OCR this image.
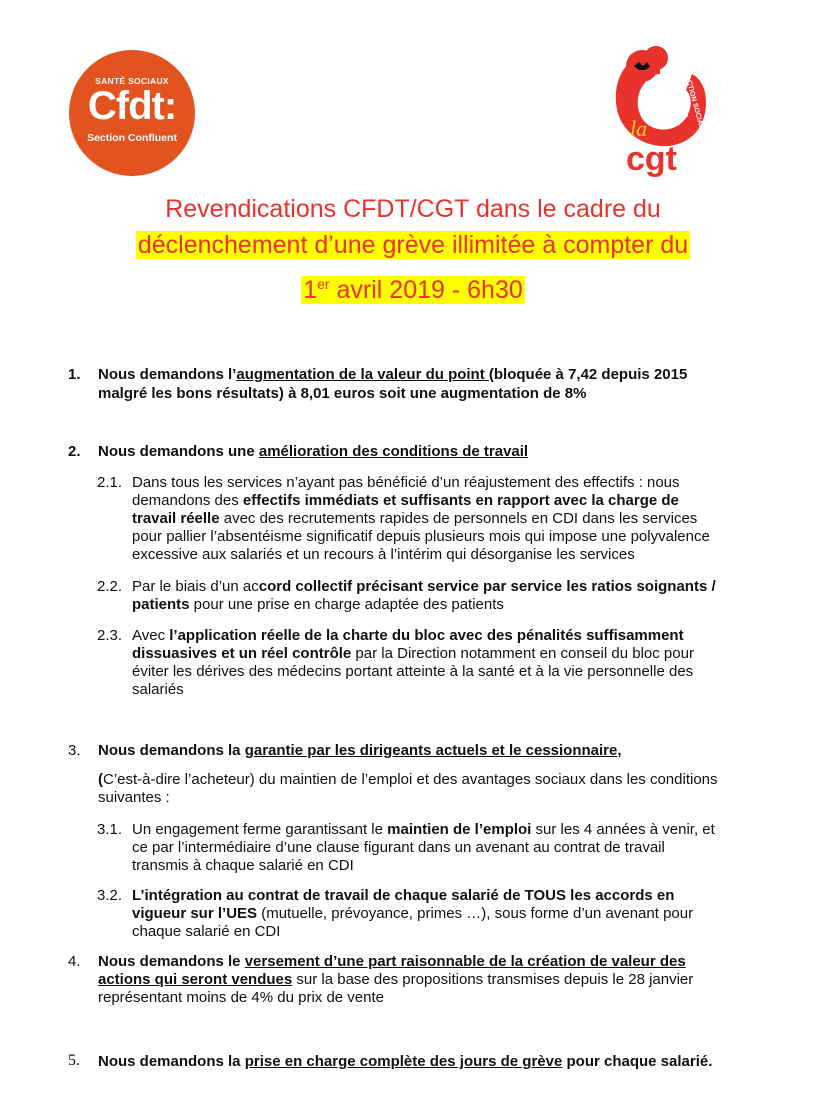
SANTÉ SOCIAUX
Cfdt:
Section Confluent
SANTÉ ET
ACTION SOCIALE
la
cgt
Revendications CFDT/CGT dans le cadre du
déclenchement d’une grève illimitée à compter du
1er avril 2019 - 6h30
1. Nous demandons l’augmentation de la valeur du point (bloquée à 7,42 depuis 2015
malgré les bons résultats) à 8,01 euros soit une augmentation de 8%
2. Nous demandons une amélioration des conditions de travail
2.1. Dans tous les services n’ayant pas bénéficié d’un réajustement des effectifs : nous
demandons des effectifs immédiats et suffisants en rapport avec la charge de
travail réelle avec des recrutements rapides de personnels en CDI dans les services
pour pallier l’absentéisme significatif depuis plusieurs mois qui impose une polyvalence
excessive aux salariés et un recours à l’intérim qui désorganise les services
2.2. Par le biais d’un accord collectif précisant service par service les ratios soignants /
patients pour une prise en charge adaptée des patients
2.3. Avec l’application réelle de la charte du bloc avec des pénalités suffisamment
dissuasives et un réel contrôle par la Direction notamment en conseil du bloc pour
éviter les dérives des médecins portant atteinte à la santé et à la vie personnelle des
salariés
3. Nous demandons la garantie par les dirigeants actuels et le cessionnaire,
(C’est-à-dire l’acheteur) du maintien de l’emploi et des avantages sociaux dans les conditions
suivantes :
3.1. Un engagement ferme garantissant le maintien de l’emploi sur les 4 années à venir, et
ce par l’intermédiaire d’une clause figurant dans un avenant au contrat de travail
transmis à chaque salarié en CDI
3.2. L’intégration au contrat de travail de chaque salarié de TOUS les accords en
vigueur sur l’UES (mutuelle, prévoyance, primes …), sous forme d’un avenant pour
chaque salarié en CDI
4. Nous demandons le versement d’une part raisonnable de la création de valeur des
actions qui seront vendues sur la base des propositions transmises depuis le 28 janvier
représentant moins de 4% du prix de vente
5. Nous demandons la prise en charge complète des jours de grève pour chaque salarié.
